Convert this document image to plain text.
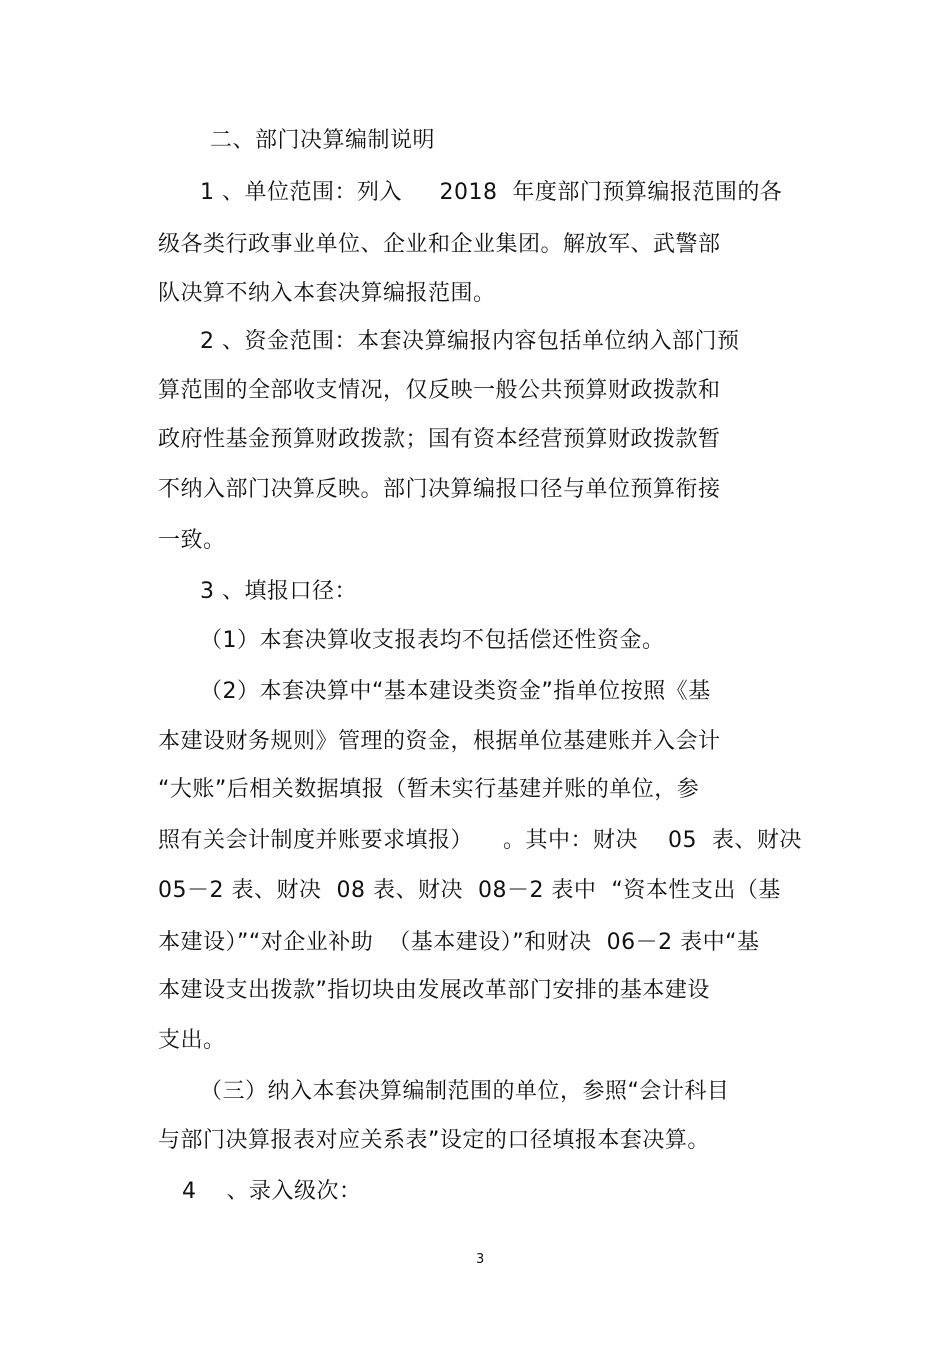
二、部门决算编制说明
1 、单位范围：列入     2018  年度部门预算编报范围的各
级各类行政事业单位、企业和企业集团。解放军、武警部
队决算不纳入本套决算编报范围。
2 、资金范围：本套决算编报内容包括单位纳入部门预
算范围的全部收支情况，仅反映一般公共预算财政拨款和
政府性基金预算财政拨款；国有资本经营预算财政拨款暂
不纳入部门决算反映。部门决算编报口径与单位预算衔接
一致。
3 、填报口径：
（1）本套决算收支报表均不包括偿还性资金。
（2）本套决算中“基本建设类资金”指单位按照《基
本建设财务规则》管理的资金，根据单位基建账并入会计
“大账”后相关数据填报（暂未实行基建并账的单位，参
照有关会计制度并账要求填报）    。其中：财决    05  表、财决
05－2 表、财决  08 表、财决  08－2 表中  “资本性支出（基
本建设）”“对企业补助  （基本建设）”和财决  06－2 表中“基
本建设支出拨款”指切块由发展改革部门安排的基本建设
支出。
（三）纳入本套决算编制范围的单位，参照“会计科目
与部门决算报表对应关系表”设定的口径填报本套决算。
4    、录入级次：
3
